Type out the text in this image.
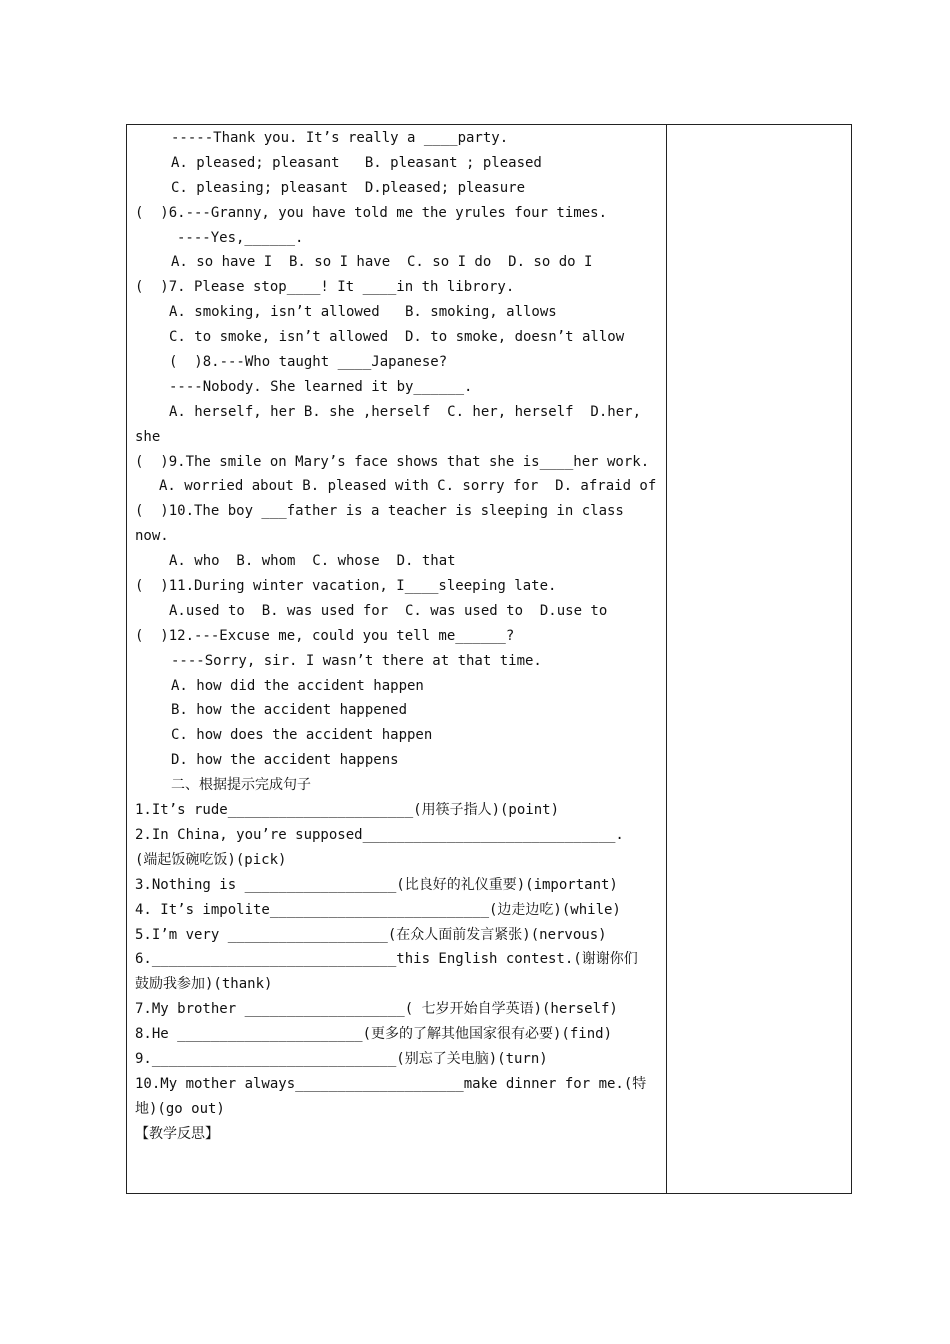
-----Thank you. It’s really a ____party.
A. pleased; pleasant   B. pleasant ; pleased
C. pleasing; pleasant  D.pleased; pleasure
(  )6.---Granny, you have told me the yrules four times.
----Yes,______.
A. so have I  B. so I have  C. so I do  D. so do I
(  )7. Please stop____! It ____in th librory.
A. smoking, isn’t allowed   B. smoking, allows
C. to smoke, isn’t allowed  D. to smoke, doesn’t allow
(  )8.---Who taught ____Japanese?
----Nobody. She learned it by______.
A. herself, her B. she ,herself  C. her, herself  D.her,
she
(  )9.The smile on Mary’s face shows that she is____her work.
A. worried about B. pleased with C. sorry for  D. afraid of
(  )10.The boy ___father is a teacher is sleeping in class
now.
A. who  B. whom  C. whose  D. that
(  )11.During winter vacation, I____sleeping late.
A.used to  B. was used for  C. was used to  D.use to
(  )12.---Excuse me, could you tell me______?
----Sorry, sir. I wasn’t there at that time.
A. how did the accident happen
B. how the accident happened
C. how does the accident happen
D. how the accident happens
二、根据提示完成句子
1.It’s rude______________________(用筷子指人)(point)
2.In China, you’re supposed______________________________.
(端起饭碗吃饭)(pick)
3.Nothing is __________________(比良好的礼仪重要)(important)
4. It’s impolite__________________________(边走边吃)(while)
5.I’m very ___________________(在众人面前发言紧张)(nervous)
6._____________________________this English contest.(谢谢你们
鼓励我参加)(thank)
7.My brother ___________________( 七岁开始自学英语)(herself)
8.He ______________________(更多的了解其他国家很有必要)(find)
9._____________________________(别忘了关电脑)(turn)
10.My mother always____________________make dinner for me.(特
地)(go out)
【教学反思】
